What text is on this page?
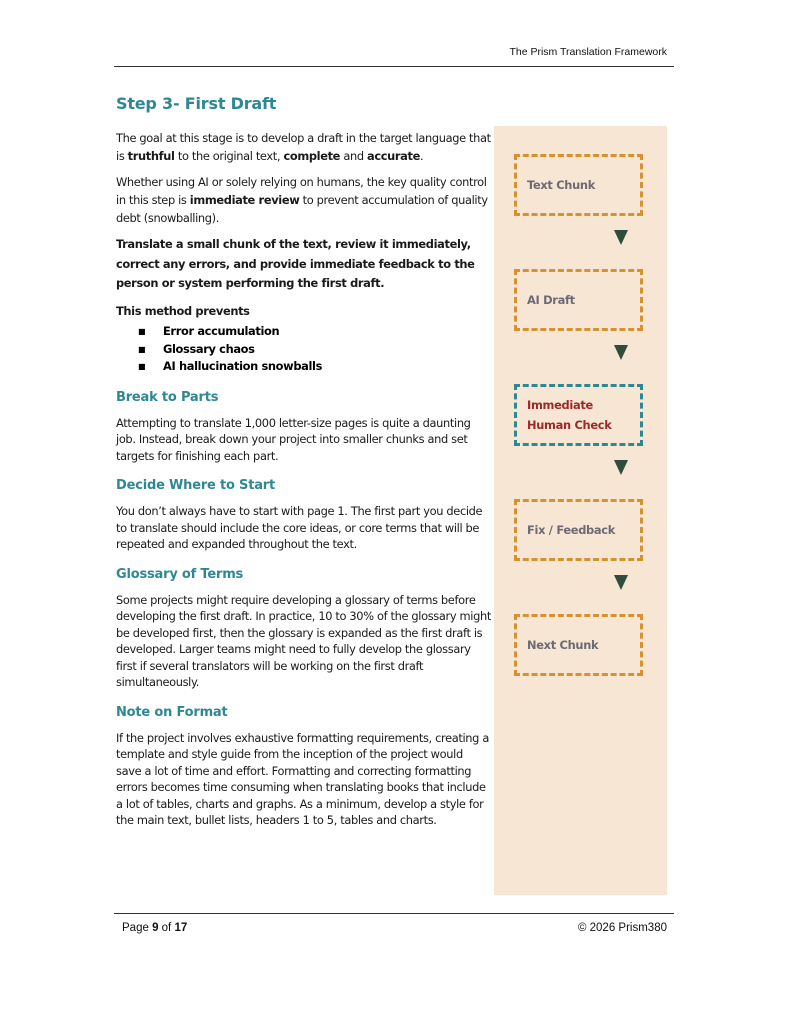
The Prism Translation Framework
Step 3- First Draft

The goal at this stage is to develop a draft in the target language that is truthful to the original text, complete and accurate.

Whether using AI or solely relying on humans, the key quality control in this step is immediate review to prevent accumulation of quality debt (snowballing).

Translate a small chunk of the text, review it immediately, correct any errors, and provide immediate feedback to the person or system performing the first draft.

This method prevents

■ Error accumulation
■ Glossary chaos
■ AI hallucination snowballs
Break to Parts

Attempting to translate 1,000 letter-size pages is quite a daunting job. Instead, break down your project into smaller chunks and set targets for finishing each part.

Decide Where to Start

You don’t always have to start with page 1. The first part you decide to translate should include the core ideas, or core terms that will be repeated and expanded throughout the text.

Glossary of Terms

Some projects might require developing a glossary of terms before developing the first draft. In practice, 10 to 30% of the glossary might be developed first, then the glossary is expanded as the first draft is developed. Larger teams might need to fully develop the glossary first if several translators will be working on the first draft simultaneously.

Note on Format

If the project involves exhaustive formatting requirements, creating a template and style guide from the inception of the project would save a lot of time and effort. Formatting and correcting formatting errors becomes time consuming when translating books that include a lot of tables, charts and graphs. As a minimum, develop a style for the main text, bullet lists, headers 1 to 5, tables and charts.

Text Chunk
AI Draft
Immediate
Human Check
Fix / Feedback
Next Chunk
Page 9 of 17	© 2026 Prism380
